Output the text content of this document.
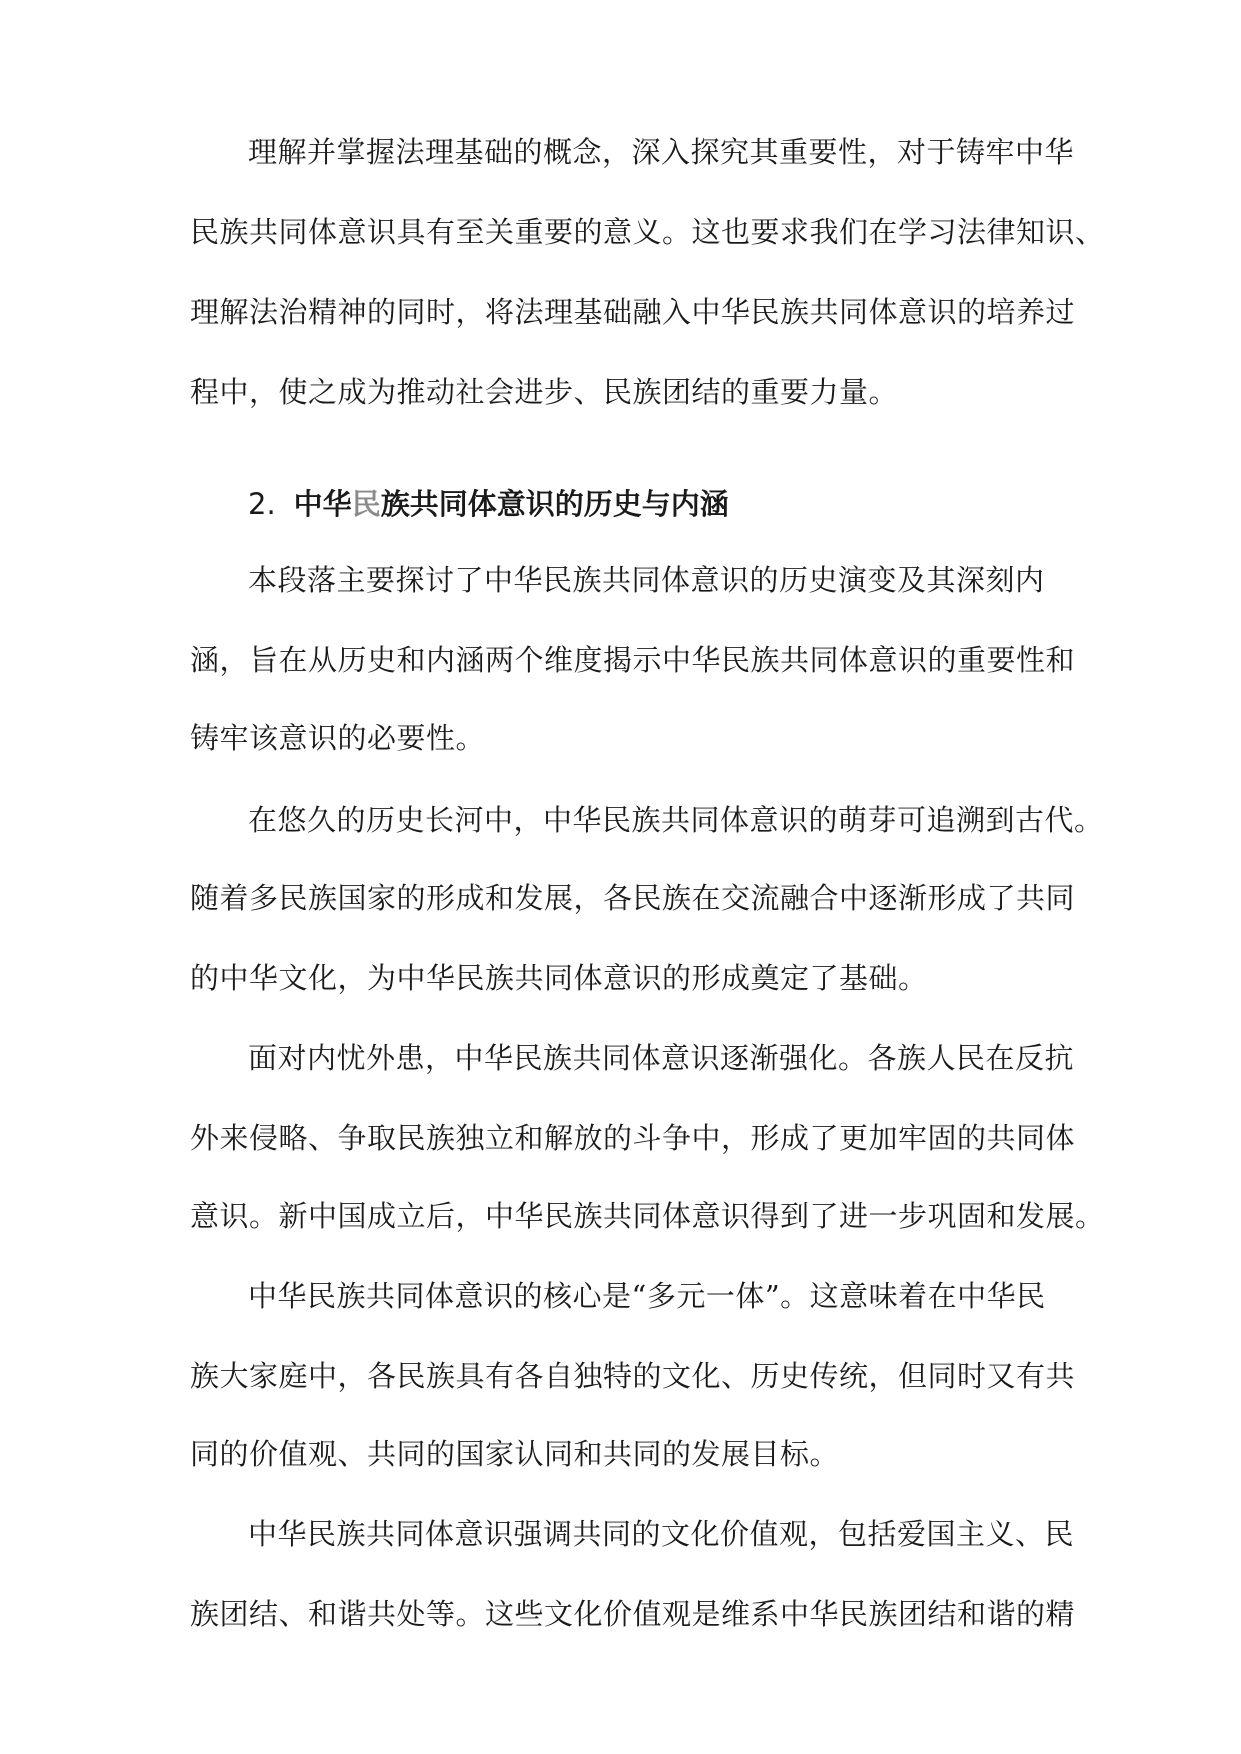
理解并掌握法理基础的概念，深入探究其重要性，对于铸牢中华
民族共同体意识具有至关重要的意义。这也要求我们在学习法律知识、
理解法治精神的同时，将法理基础融入中华民族共同体意识的培养过
程中，使之成为推动社会进步、民族团结的重要力量。
2. 中华民族共同体意识的历史与内涵
本段落主要探讨了中华民族共同体意识的历史演变及其深刻内
涵，旨在从历史和内涵两个维度揭示中华民族共同体意识的重要性和
铸牢该意识的必要性。
在悠久的历史长河中，中华民族共同体意识的萌芽可追溯到古代。
随着多民族国家的形成和发展，各民族在交流融合中逐渐形成了共同
的中华文化，为中华民族共同体意识的形成奠定了基础。
面对内忧外患，中华民族共同体意识逐渐强化。各族人民在反抗
外来侵略、争取民族独立和解放的斗争中，形成了更加牢固的共同体
意识。新中国成立后，中华民族共同体意识得到了进一步巩固和发展。
中华民族共同体意识的核心是“多元一体”。这意味着在中华民
族大家庭中，各民族具有各自独特的文化、历史传统，但同时又有共
同的价值观、共同的国家认同和共同的发展目标。
中华民族共同体意识强调共同的文化价值观，包括爱国主义、民
族团结、和谐共处等。这些文化价值观是维系中华民族团结和谐的精
